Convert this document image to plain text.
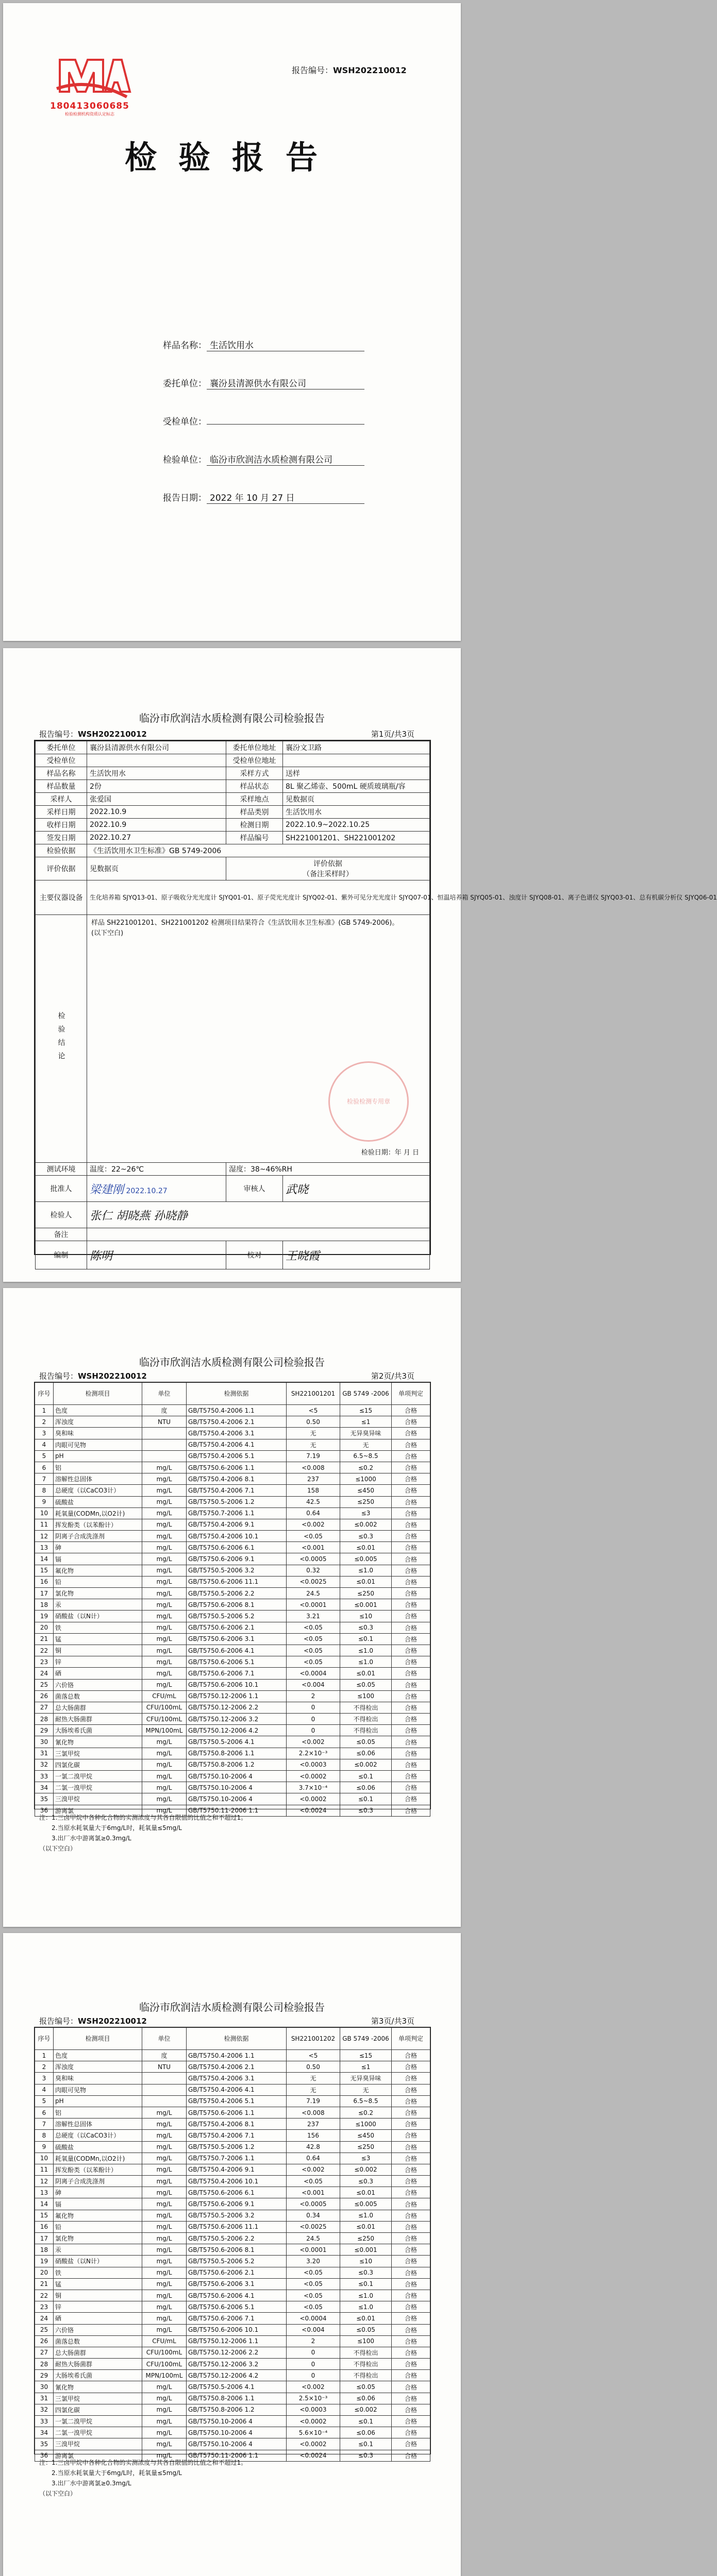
180413060685
检验检测机构资质认定标志
报告编号：WSH202210012
检验报告
样品名称： 生活饮用水
委托单位： 襄汾县清源供水有限公司
受检单位：
检验单位： 临汾市欣润洁水质检测有限公司
报告日期： 2022 年 10 月 27 日
临汾市欣润洁水质检测有限公司检验报告
报告编号：WSH202210012	第1页/共3页
委托单位	襄汾县清源供水有限公司	委托单位地址	襄汾文卫路
受检单位		受检单位地址	
样品名称	生活饮用水	采样方式	送样
样品数量	2份	样品状态	8L 聚乙烯壶、500mL 硬质玻璃瓶/容
采样人	张爱国	采样地点	见数据页
采样日期	2022.10.9	样品类别	生活饮用水
收样日期	2022.10.9	检测日期	2022.10.9~2022.10.25
签发日期	2022.10.27	样品编号	SH221001201、SH221001202
检验依据	《生活饮用水卫生标准》GB 5749-2006		
评价依据	见数据页	评价依据
（备注采样时）	

主要仪器设备	生化培养箱 SJYQ13-01、原子吸收分光光度计 SJYQ01-01、原子荧光光度计 SJYQ02-01、紫外可见分光光度计 SJYQ07-01、恒温培养箱 SJYQ05-01、浊度计 SJYQ08-01、离子色谱仪 SJYQ03-01、总有机碳分析仪 SJYQ06-01		
检验结论	样品 SH221001201、SH221001202 检测项目结果符合《生活饮用水卫生标准》(GB 5749-2006)。
(以下空白)
检验检测专用章
检验日期：年 月 日		

测试环境	温度：22~26℃	湿度：38~46%RH	
批准人	梁建刚 2022.10.27	审核人	武晓
检验人	张仁 胡晓燕 孙晓静		
备注			
编制	陈明	校对	王晓霞
临汾市欣润洁水质检测有限公司检验报告
报告编号：WSH202210012	第2页/共3页
序号	检测项目	单位	检测依据	SH221001201	GB 5749 -2006	单项判定
1	色度	度	GB/T5750.4-2006 1.1	<5	≤15	合格
2	浑浊度	NTU	GB/T5750.4-2006 2.1	0.50	≤1	合格
3	臭和味		GB/T5750.4-2006 3.1	无	无异臭异味	合格
4	肉眼可见物		GB/T5750.4-2006 4.1	无	无	合格
5	pH		GB/T5750.4-2006 5.1	7.19	6.5~8.5	合格
6	铝	mg/L	GB/T5750.6-2006 1.1	<0.008	≤0.2	合格
7	溶解性总固体	mg/L	GB/T5750.4-2006 8.1	237	≤1000	合格
8	总硬度（以CaCO3计）	mg/L	GB/T5750.4-2006 7.1	158	≤450	合格
9	硫酸盐	mg/L	GB/T5750.5-2006 1.2	42.5	≤250	合格
10	耗氧量(CODMn,以O2计)	mg/L	GB/T5750.7-2006 1.1	0.64	≤3	合格
11	挥发酚类（以苯酚计）	mg/L	GB/T5750.4-2006 9.1	<0.002	≤0.002	合格
12	阴离子合成洗涤剂	mg/L	GB/T5750.4-2006 10.1	<0.05	≤0.3	合格
13	砷	mg/L	GB/T5750.6-2006 6.1	<0.001	≤0.01	合格
14	镉	mg/L	GB/T5750.6-2006 9.1	<0.0005	≤0.005	合格
15	氟化物	mg/L	GB/T5750.5-2006 3.2	0.32	≤1.0	合格
16	铅	mg/L	GB/T5750.6-2006 11.1	<0.0025	≤0.01	合格
17	氯化物	mg/L	GB/T5750.5-2006 2.2	24.5	≤250	合格
18	汞	mg/L	GB/T5750.6-2006 8.1	<0.0001	≤0.001	合格
19	硝酸盐（以N计）	mg/L	GB/T5750.5-2006 5.2	3.21	≤10	合格
20	铁	mg/L	GB/T5750.6-2006 2.1	<0.05	≤0.3	合格
21	锰	mg/L	GB/T5750.6-2006 3.1	<0.05	≤0.1	合格
22	铜	mg/L	GB/T5750.6-2006 4.1	<0.05	≤1.0	合格
23	锌	mg/L	GB/T5750.6-2006 5.1	<0.05	≤1.0	合格
24	硒	mg/L	GB/T5750.6-2006 7.1	<0.0004	≤0.01	合格
25	六价铬	mg/L	GB/T5750.6-2006 10.1	<0.004	≤0.05	合格
26	菌落总数	CFU/mL	GB/T5750.12-2006 1.1	2	≤100	合格
27	总大肠菌群	CFU/100mL	GB/T5750.12-2006 2.2	0	不得检出	合格
28	耐热大肠菌群	CFU/100mL	GB/T5750.12-2006 3.2	0	不得检出	合格
29	大肠埃希氏菌	MPN/100mL	GB/T5750.12-2006 4.2	0	不得检出	合格
30	氰化物	mg/L	GB/T5750.5-2006 4.1	<0.002	≤0.05	合格
31	三氯甲烷	mg/L	GB/T5750.8-2006 1.1	2.2×10⁻³	≤0.06	合格
32	四氯化碳	mg/L	GB/T5750.8-2006 1.2	<0.0003	≤0.002	合格
33	一氯二溴甲烷	mg/L	GB/T5750.10-2006 4	<0.0002	≤0.1	合格
34	二氯一溴甲烷	mg/L	GB/T5750.10-2006 4	3.7×10⁻⁴	≤0.06	合格
35	三溴甲烷	mg/L	GB/T5750.10-2006 4	<0.0002	≤0.1	合格
36	游离氯	mg/L	GB/T5750.11-2006 1.1	<0.0024	≤0.3	合格
注：1.三卤甲烷中各种化合物的实测浓度与其各自限值的比值之和不超过1。
2.当原水耗氧量大于6mg/L时，耗氧量≤5mg/L
3.出厂水中游离氯≥0.3mg/L
（以下空白）
临汾市欣润洁水质检测有限公司检验报告
报告编号：WSH202210012	第3页/共3页
序号	检测项目	单位	检测依据	SH221001202	GB 5749 -2006	单项判定
1	色度	度	GB/T5750.4-2006 1.1	<5	≤15	合格
2	浑浊度	NTU	GB/T5750.4-2006 2.1	0.50	≤1	合格
3	臭和味		GB/T5750.4-2006 3.1	无	无异臭异味	合格
4	肉眼可见物		GB/T5750.4-2006 4.1	无	无	合格
5	pH		GB/T5750.4-2006 5.1	7.19	6.5~8.5	合格
6	铝	mg/L	GB/T5750.6-2006 1.1	<0.008	≤0.2	合格
7	溶解性总固体	mg/L	GB/T5750.4-2006 8.1	237	≤1000	合格
8	总硬度（以CaCO3计）	mg/L	GB/T5750.4-2006 7.1	156	≤450	合格
9	硫酸盐	mg/L	GB/T5750.5-2006 1.2	42.8	≤250	合格
10	耗氧量(CODMn,以O2计)	mg/L	GB/T5750.7-2006 1.1	0.64	≤3	合格
11	挥发酚类（以苯酚计）	mg/L	GB/T5750.4-2006 9.1	<0.002	≤0.002	合格
12	阴离子合成洗涤剂	mg/L	GB/T5750.4-2006 10.1	<0.05	≤0.3	合格
13	砷	mg/L	GB/T5750.6-2006 6.1	<0.001	≤0.01	合格
14	镉	mg/L	GB/T5750.6-2006 9.1	<0.0005	≤0.005	合格
15	氟化物	mg/L	GB/T5750.5-2006 3.2	0.34	≤1.0	合格
16	铅	mg/L	GB/T5750.6-2006 11.1	<0.0025	≤0.01	合格
17	氯化物	mg/L	GB/T5750.5-2006 2.2	24.5	≤250	合格
18	汞	mg/L	GB/T5750.6-2006 8.1	<0.0001	≤0.001	合格
19	硝酸盐（以N计）	mg/L	GB/T5750.5-2006 5.2	3.20	≤10	合格
20	铁	mg/L	GB/T5750.6-2006 2.1	<0.05	≤0.3	合格
21	锰	mg/L	GB/T5750.6-2006 3.1	<0.05	≤0.1	合格
22	铜	mg/L	GB/T5750.6-2006 4.1	<0.05	≤1.0	合格
23	锌	mg/L	GB/T5750.6-2006 5.1	<0.05	≤1.0	合格
24	硒	mg/L	GB/T5750.6-2006 7.1	<0.0004	≤0.01	合格
25	六价铬	mg/L	GB/T5750.6-2006 10.1	<0.004	≤0.05	合格
26	菌落总数	CFU/mL	GB/T5750.12-2006 1.1	2	≤100	合格
27	总大肠菌群	CFU/100mL	GB/T5750.12-2006 2.2	0	不得检出	合格
28	耐热大肠菌群	CFU/100mL	GB/T5750.12-2006 3.2	0	不得检出	合格
29	大肠埃希氏菌	MPN/100mL	GB/T5750.12-2006 4.2	0	不得检出	合格
30	氰化物	mg/L	GB/T5750.5-2006 4.1	<0.002	≤0.05	合格
31	三氯甲烷	mg/L	GB/T5750.8-2006 1.1	2.5×10⁻³	≤0.06	合格
32	四氯化碳	mg/L	GB/T5750.8-2006 1.2	<0.0003	≤0.002	合格
33	一氯二溴甲烷	mg/L	GB/T5750.10-2006 4	<0.0002	≤0.1	合格
34	二氯一溴甲烷	mg/L	GB/T5750.10-2006 4	5.6×10⁻⁴	≤0.06	合格
35	三溴甲烷	mg/L	GB/T5750.10-2006 4	<0.0002	≤0.1	合格
36	游离氯	mg/L	GB/T5750.11-2006 1.1	<0.0024	≤0.3	合格
注：1.三卤甲烷中各种化合物的实测浓度与其各自限值的比值之和不超过1。
2.当原水耗氧量大于6mg/L时，耗氧量≤5mg/L
3.出厂水中游离氯≥0.3mg/L
（以下空白）
